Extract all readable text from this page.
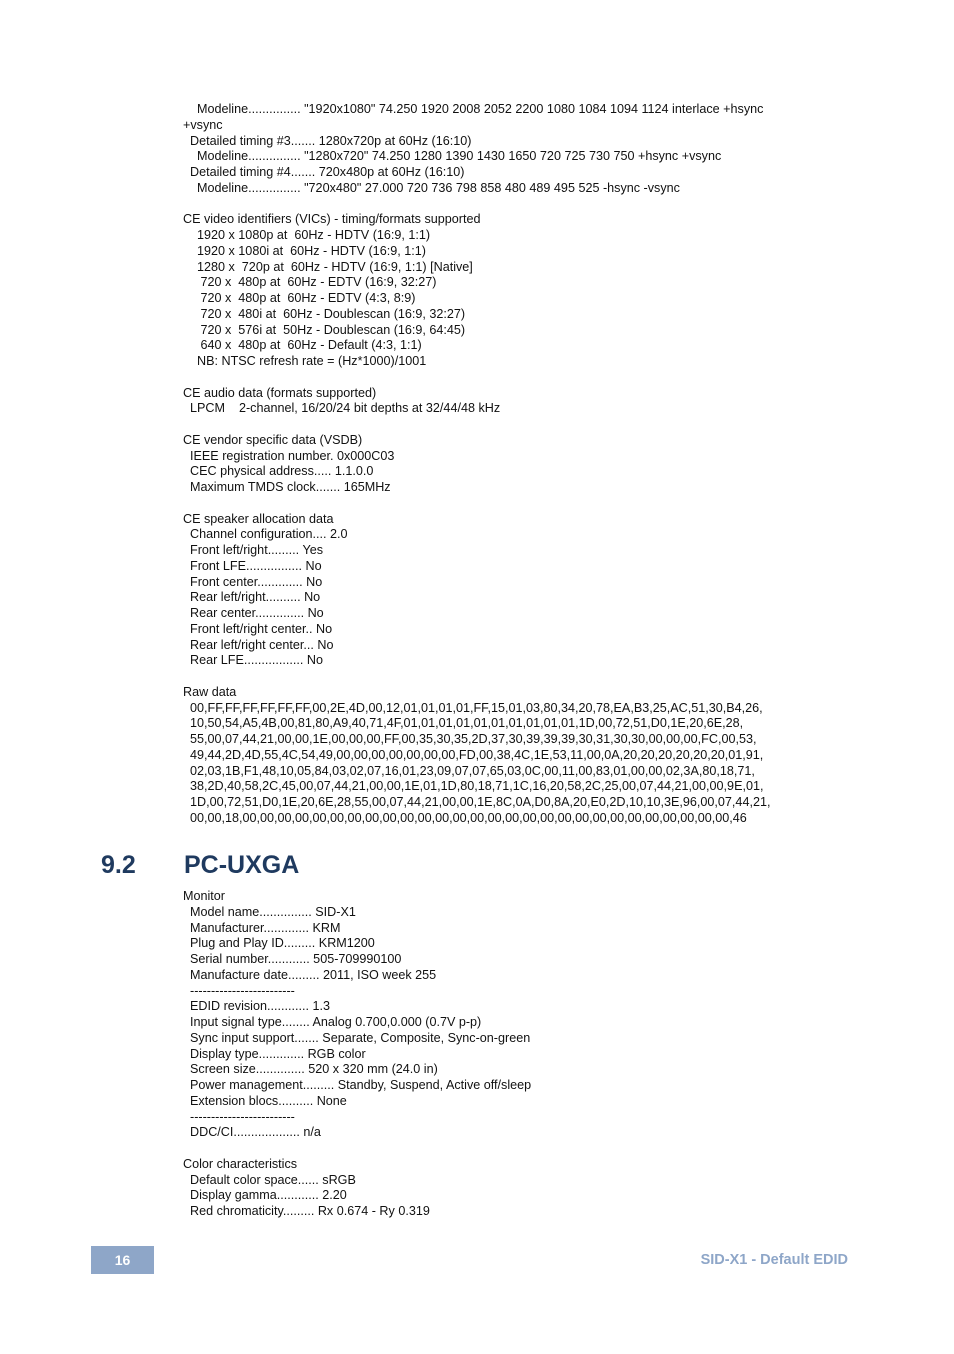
Modeline............... "1920x1080" 74.250 1920 2008 2052 2200 1080 1084 1094 1124 interlace +hsync
+vsync
Detailed timing #3....... 1280x720p at 60Hz (16:10)
Modeline............... "1280x720" 74.250 1280 1390 1430 1650 720 725 730 750 +hsync +vsync
Detailed timing #4....... 720x480p at 60Hz (16:10)
Modeline............... "720x480" 27.000 720 736 798 858 480 489 495 525 -hsync -vsync
CE video identifiers (VICs) - timing/formats supported
1920 x 1080p at  60Hz - HDTV (16:9, 1:1)
1920 x 1080i at  60Hz - HDTV (16:9, 1:1)
1280 x  720p at  60Hz - HDTV (16:9, 1:1) [Native]
720 x  480p at  60Hz - EDTV (16:9, 32:27)
720 x  480p at  60Hz - EDTV (4:3, 8:9)
720 x  480i at  60Hz - Doublescan (16:9, 32:27)
720 x  576i at  50Hz - Doublescan (16:9, 64:45)
640 x  480p at  60Hz - Default (4:3, 1:1)
NB: NTSC refresh rate = (Hz*1000)/1001
CE audio data (formats supported)
LPCM    2-channel, 16/20/24 bit depths at 32/44/48 kHz
CE vendor specific data (VSDB)
IEEE registration number. 0x000C03
CEC physical address..... 1.1.0.0
Maximum TMDS clock....... 165MHz
CE speaker allocation data
Channel configuration.... 2.0
Front left/right......... Yes
Front LFE................ No
Front center............. No
Rear left/right.......... No
Rear center.............. No
Front left/right center.. No
Rear left/right center... No
Rear LFE................. No
Raw data
00,FF,FF,FF,FF,FF,FF,00,2E,4D,00,12,01,01,01,01,FF,15,01,03,80,34,20,78,EA,B3,25,AC,51,30,B4,26,
10,50,54,A5,4B,00,81,80,A9,40,71,4F,01,01,01,01,01,01,01,01,01,01,1D,00,72,51,D0,1E,20,6E,28,
55,00,07,44,21,00,00,1E,00,00,00,FF,00,35,30,35,2D,37,30,39,39,39,30,31,30,30,00,00,00,FC,00,53,
49,44,2D,4D,55,4C,54,49,00,00,00,00,00,00,00,FD,00,38,4C,1E,53,11,00,0A,20,20,20,20,20,20,01,91,
02,03,1B,F1,48,10,05,84,03,02,07,16,01,23,09,07,07,65,03,0C,00,11,00,83,01,00,00,02,3A,80,18,71,
38,2D,40,58,2C,45,00,07,44,21,00,00,1E,01,1D,80,18,71,1C,16,20,58,2C,25,00,07,44,21,00,00,9E,01,
1D,00,72,51,D0,1E,20,6E,28,55,00,07,44,21,00,00,1E,8C,0A,D0,8A,20,E0,2D,10,10,3E,96,00,07,44,21,
00,00,18,00,00,00,00,00,00,00,00,00,00,00,00,00,00,00,00,00,00,00,00,00,00,00,00,00,00,00,00,46
9.2 PC-UXGA
Monitor
Model name............... SID-X1
Manufacturer............. KRM
Plug and Play ID......... KRM1200
Serial number............ 505-709990100
Manufacture date......... 2011, ISO week 255
-------------------------
EDID revision............ 1.3
Input signal type........ Analog 0.700,0.000 (0.7V p-p)
Sync input support....... Separate, Composite, Sync-on-green
Display type............. RGB color
Screen size.............. 520 x 320 mm (24.0 in)
Power management......... Standby, Suspend, Active off/sleep
Extension blocs.......... None
-------------------------
DDC/CI................... n/a
Color characteristics
Default color space...... sRGB
Display gamma............ 2.20
Red chromaticity......... Rx 0.674 - Ry 0.319
16	SID-X1 - Default EDID
